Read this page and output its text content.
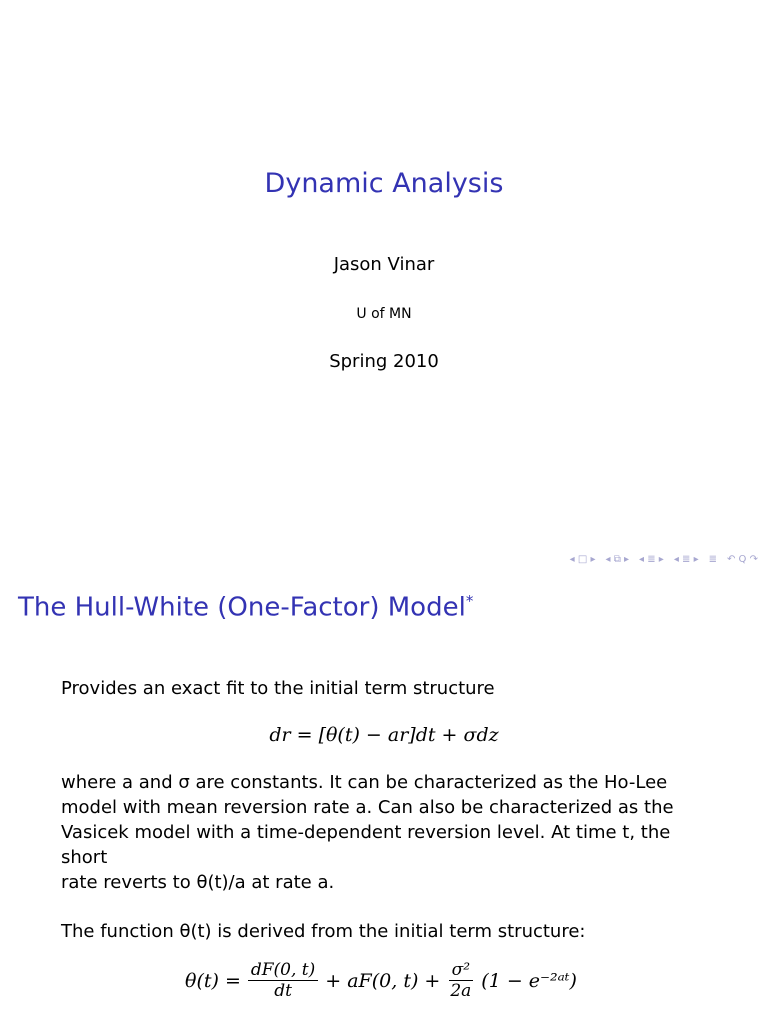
Dynamic Analysis
Jason Vinar
U of MN
Spring 2010
◂ □ ▸ ◂ ⧉ ▸ ◂ ≣ ▸ ◂ ≣ ▸ ≣ ↶ Q ↷
The Hull-White (One-Factor) Model*
Provides an exact fit to the initial term structure
dr = [θ(t) − ar]dt + σdz
where a and σ are constants. It can be characterized as the Ho-Lee
model with mean reversion rate a. Can also be characterized as the
Vasicek model with a time-dependent reversion level. At time t, the short
rate reverts to θ(t)/a at rate a.
The function θ(t) is derived from the initial term structure:
$\theta(t) = \frac{dF(0, t)}{dt} + aF(0$, $t) + \frac{\text{σ²}}{2a} (1$ − e⁻²ᵃᵗ)
